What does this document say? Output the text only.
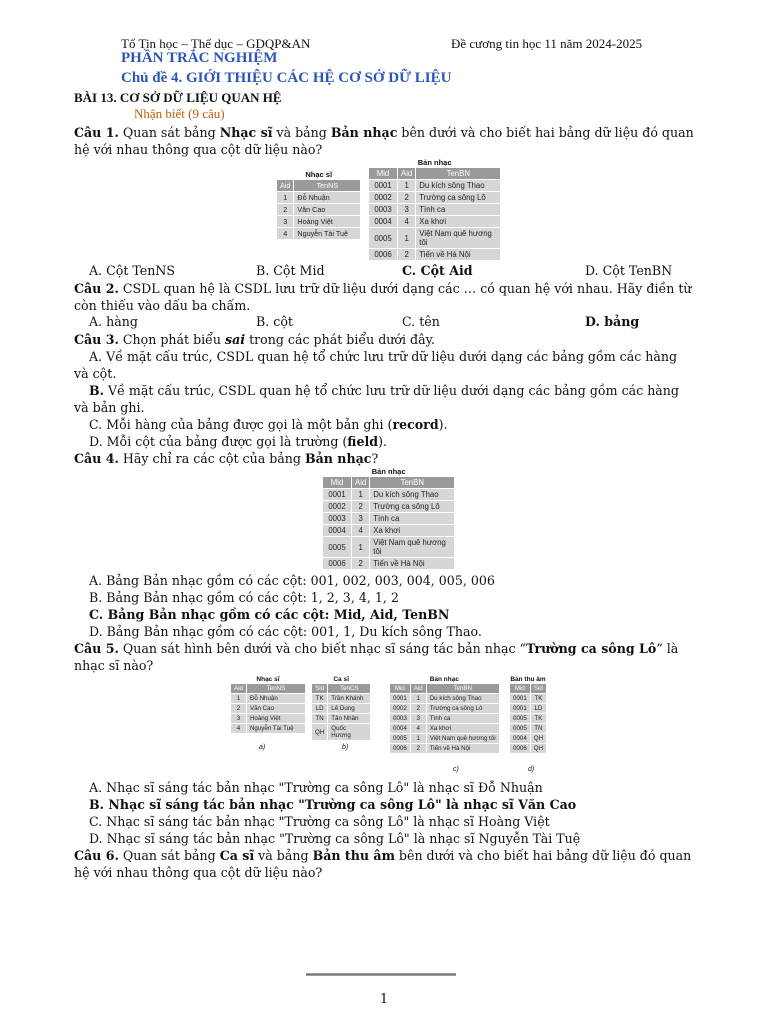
Tổ Tin học – Thể dục – GDQP&AN	Đề cương tin học 11 năm 2024-2025
PHẦN TRẮC NGHIỆM
Chủ đề 4. GIỚI THIỆU CÁC HỆ CƠ SỞ DỮ LIỆU
BÀI 13. CƠ SỞ DỮ LIỆU QUAN HỆ
Nhận biết (9 câu)
Câu 1. Quan sát bảng Nhạc sĩ và bảng Bản nhạc bên dưới và cho biết hai bảng dữ liệu đó quan
hệ với nhau thông qua cột dữ liệu nào?
Nhạc sĩ
Aid	TenNS
1	Đỗ Nhuận
2	Văn Cao
3	Hoàng Việt
4	Nguyễn Tài Tuệ
Bản nhạc
Mid	Aid	TenBN
0001	1	Du kích sông Thao
0002	2	Trường ca sông Lô
0003	3	Tình ca
0004	4	Xa khơi
0005	1	Việt Nam quê hương tôi
0006	2	Tiến về Hà Nội
A. Cột TenNS	B. Cột Mid	C. Cột Aid	D. Cột TenBN
Câu 2. CSDL quan hệ là CSDL lưu trữ dữ liệu dưới dạng các … có quan hệ với nhau. Hãy điền từ
còn thiếu vào dấu ba chấm.
A. hàng	B. cột	C. tên	D. bảng
Câu 3. Chọn phát biểu sai trong các phát biểu dưới đây.
A. Về mặt cấu trúc, CSDL quan hệ tổ chức lưu trữ dữ liệu dưới dạng các bảng gồm các hàng
và cột.
B. Về mặt cấu trúc, CSDL quan hệ tổ chức lưu trữ dữ liệu dưới dạng các bảng gồm các hàng
và bản ghi.
C. Mỗi hàng của bảng được gọi là một bản ghi (record).
D. Mỗi cột của bảng được gọi là trường (field).
Câu 4. Hãy chỉ ra các cột của bảng Bản nhạc?
Bản nhạc
Mid	Aid	TenBN
0001	1	Du kích sông Thao
0002	2	Trường ca sông Lô
0003	3	Tình ca
0004	4	Xa khơi
0005	1	Việt Nam quê hương tôi
0006	2	Tiến về Hà Nội
A. Bảng Bản nhạc gồm có các cột: 001, 002, 003, 004, 005, 006
B. Bảng Bản nhạc gồm có các cột: 1, 2, 3, 4, 1, 2
C. Bảng Bản nhạc gồm có các cột: Mid, Aid, TenBN
D. Bảng Bản nhạc gồm có các cột: 001, 1, Du kích sông Thao.
Câu 5. Quan sát hình bên dưới và cho biết nhạc sĩ sáng tác bản nhạc “Trường ca sông Lô” là
nhạc sĩ nào?
Nhạc sĩ
Aid	TenNS
1	Đỗ Nhuận
2	Văn Cao
3	Hoàng Việt
4	Nguyễn Tài Tuệ
Ca sĩ
Sid	TenCS
TK	Trần Khánh
LD	Lê Dung
TN	Tân Nhân
QH	Quốc Hương
Bản nhạc
Mid	Aid	TenBN
0001	1	Du kích sông Thao
0002	2	Trường ca sông Lô
0003	3	Tình ca
0004	4	Xa khơi
0005	1	Việt Nam quê hương tôi
0006	2	Tiến về Hà Nội
Bản thu âm
Mid	Sid
0001	TK
0001	LD
0005	TK
0005	TN
0004	QH
0006	QH
a)	b)
c)	d)
A. Nhạc sĩ sáng tác bản nhạc "Trường ca sông Lô" là nhạc sĩ Đỗ Nhuận
B. Nhạc sĩ sáng tác bản nhạc "Trường ca sông Lô" là nhạc sĩ Văn Cao
C. Nhạc sĩ sáng tác bản nhạc "Trường ca sông Lô" là nhạc sĩ Hoàng Việt
D. Nhạc sĩ sáng tác bản nhạc "Trường ca sông Lô" là nhạc sĩ Nguyễn Tài Tuệ
Câu 6. Quan sát bảng Ca sĩ và bảng Bản thu âm bên dưới và cho biết hai bảng dữ liệu đó quan
hệ với nhau thông qua cột dữ liệu nào?
1
